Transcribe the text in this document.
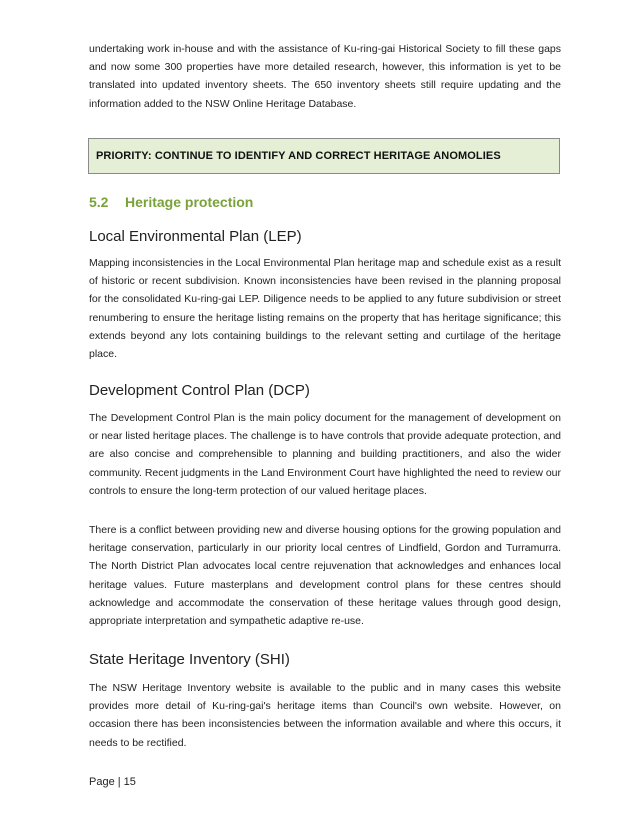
undertaking work in-house and with the assistance of Ku-ring-gai Historical Society to fill these gaps and now some 300 properties have more detailed research, however, this information is yet to be translated into updated inventory sheets. The 650 inventory sheets still require updating and the information added to the NSW Online Heritage Database.

PRIORITY: CONTINUE TO IDENTIFY AND CORRECT HERITAGE ANOMOLIES
5.2 Heritage protection
Local Environmental Plan (LEP)

Mapping inconsistencies in the Local Environmental Plan heritage map and schedule exist as a result of historic or recent subdivision. Known inconsistencies have been revised in the planning proposal for the consolidated Ku-ring-gai LEP. Diligence needs to be applied to any future subdivision or street renumbering to ensure the heritage listing remains on the property that has heritage significance; this extends beyond any lots containing buildings to the relevant setting and curtilage of the heritage place.

Development Control Plan (DCP)

The Development Control Plan is the main policy document for the management of development on or near listed heritage places. The challenge is to have controls that provide adequate protection, and are also concise and comprehensible to planning and building practitioners, and also the wider community. Recent judgments in the Land Environment Court have highlighted the need to review our controls to ensure the long-term protection of our valued heritage places.

There is a conflict between providing new and diverse housing options for the growing population and heritage conservation, particularly in our priority local centres of Lindfield, Gordon and Turramurra. The North District Plan advocates local centre rejuvenation that acknowledges and enhances local heritage values. Future masterplans and development control plans for these centres should acknowledge and accommodate the conservation of these heritage values through good design, appropriate interpretation and sympathetic adaptive re-use.

State Heritage Inventory (SHI)

The NSW Heritage Inventory website is available to the public and in many cases this website provides more detail of Ku-ring-gai's heritage items than Council's own website. However, on occasion there has been inconsistencies between the information available and where this occurs, it needs to be rectified.

Page | 15
